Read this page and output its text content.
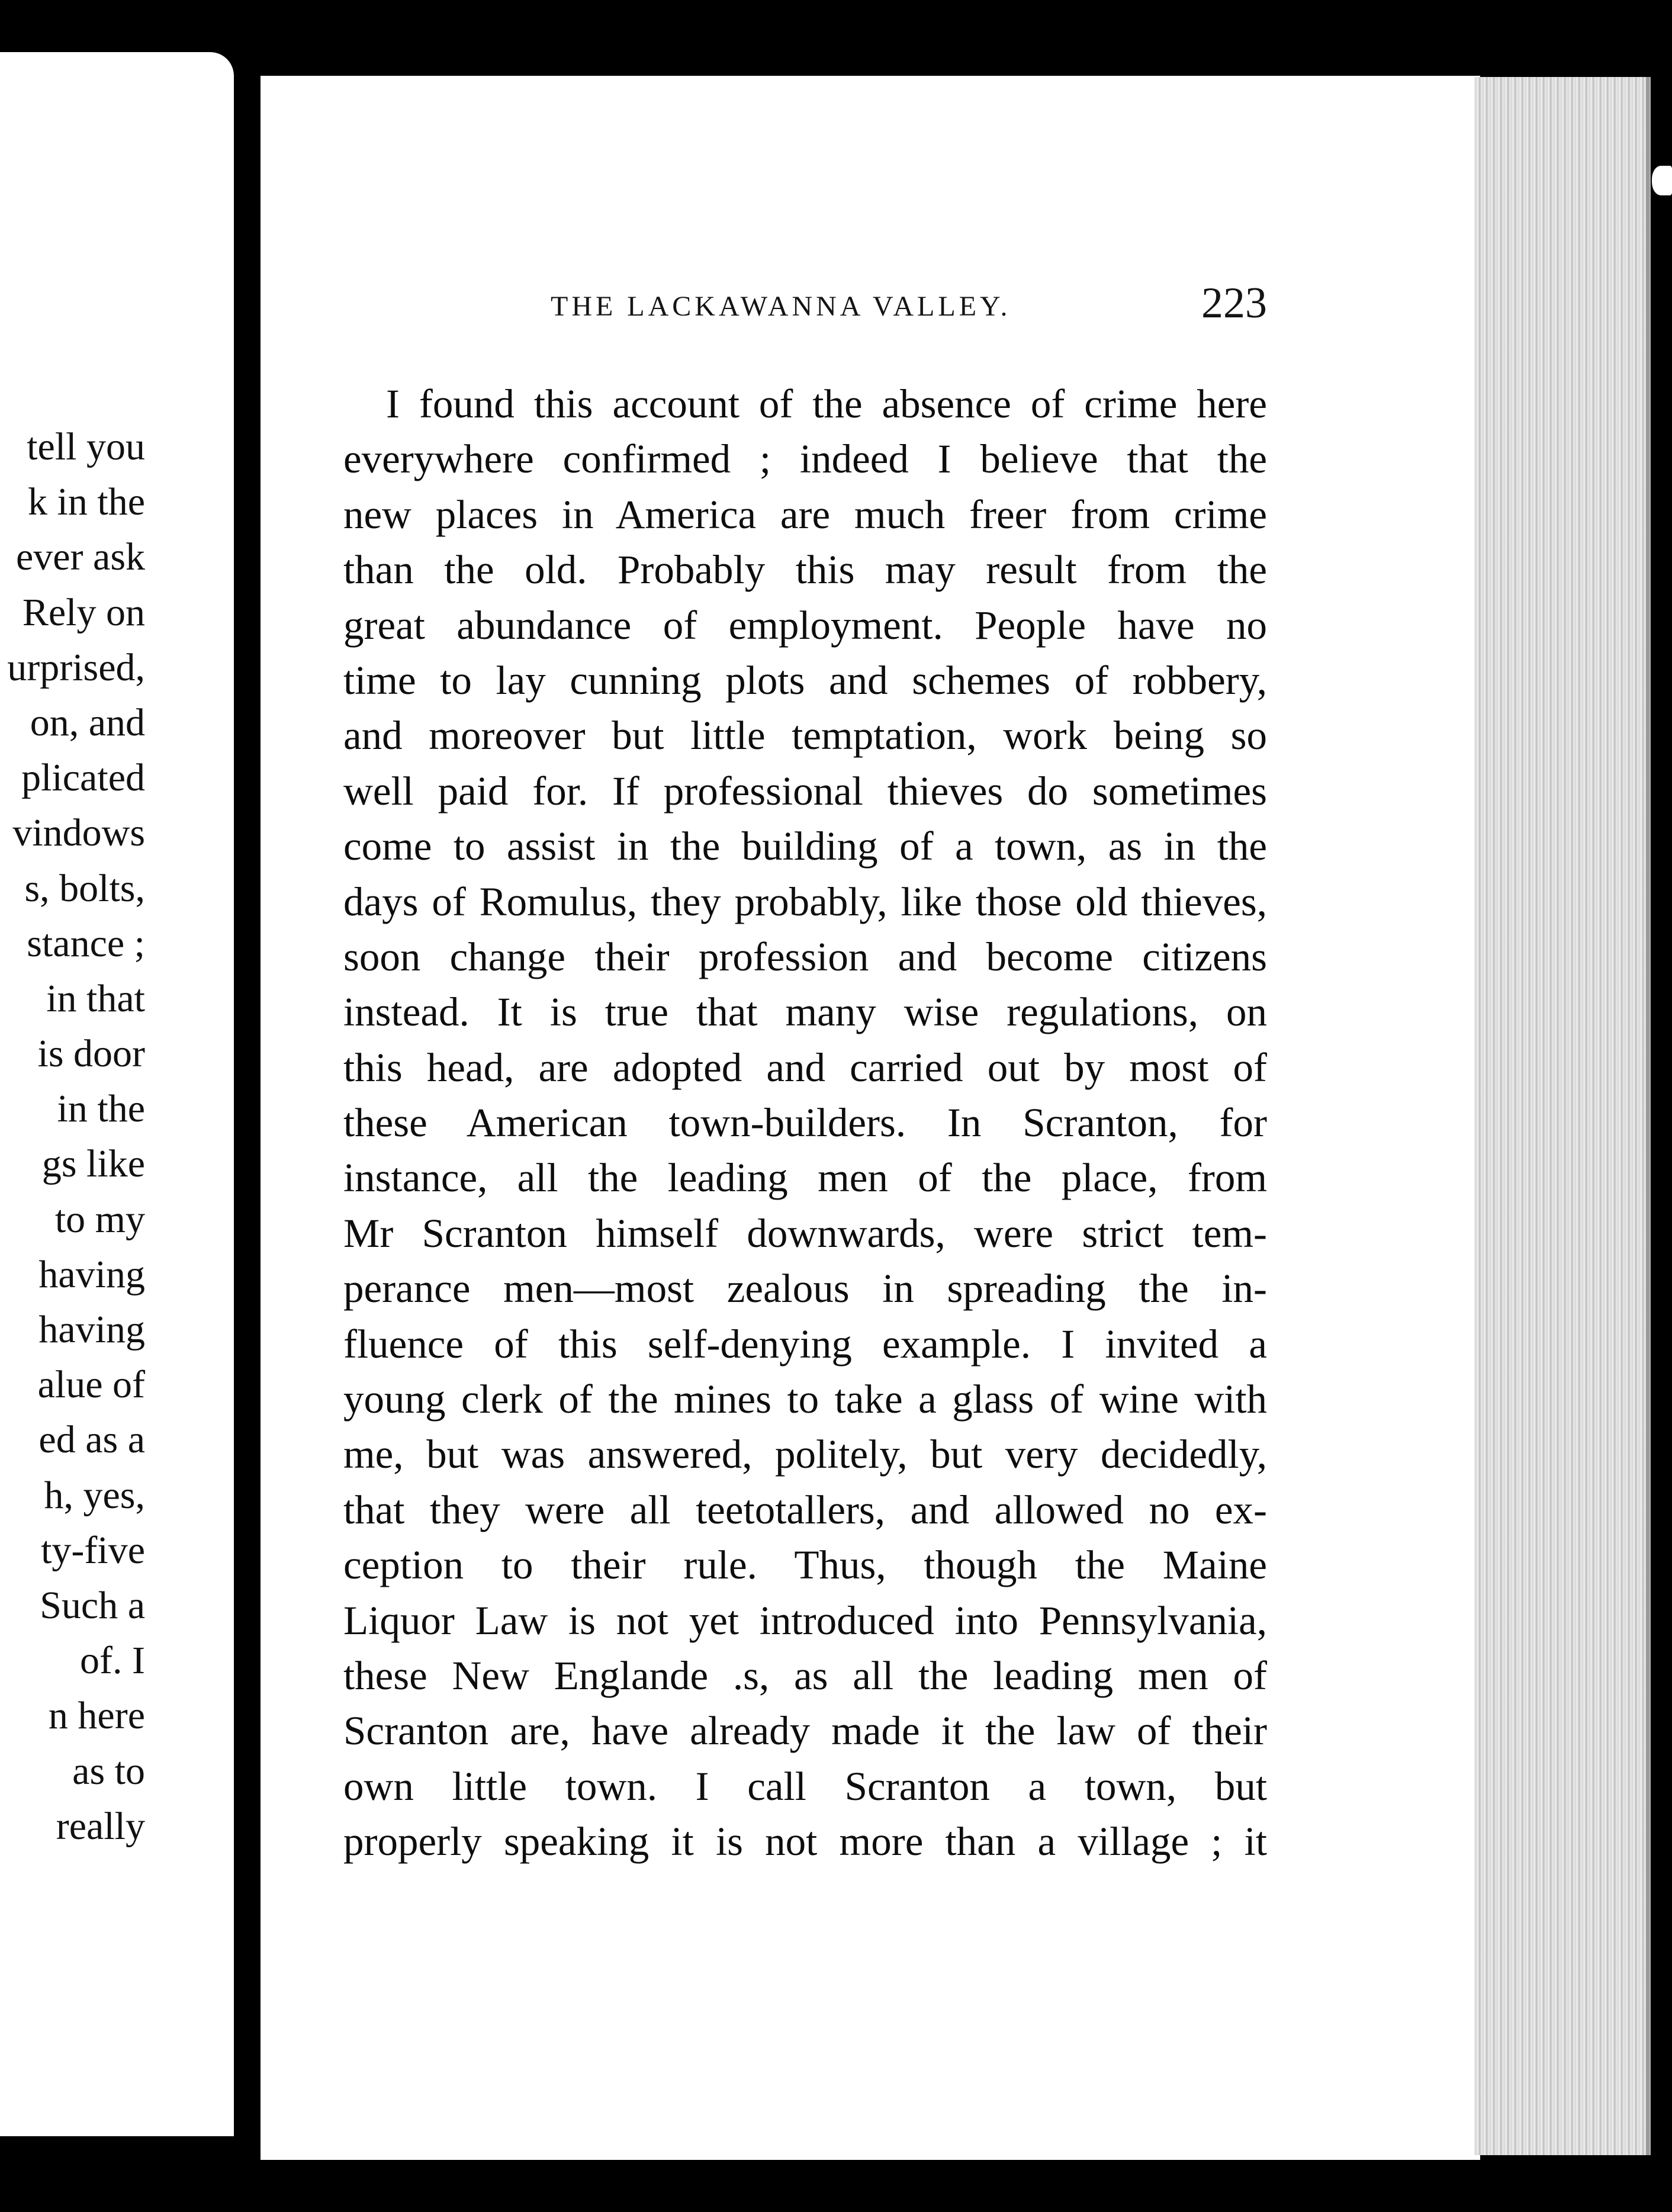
tell you
k in the
ever ask
Rely on
urprised,
on, and
plicated
vindows
s, bolts,
stance ;
in that
is door
in the
gs like
to my
having
having
alue of
ed as a
h, yes,
ty-five
Such a
of. I
n here
as to
really
THE LACKAWANNA VALLEY.	223
I found this account of the absence of crime here
everywhere confirmed ; indeed I believe that the
new places in America are much freer from crime
than the old. Probably this may result from the
great abundance of employment. People have no
time to lay cunning plots and schemes of robbery,
and moreover but little temptation, work being so
well paid for. If professional thieves do sometimes
come to assist in the building of a town, as in the
days of Romulus, they probably, like those old thieves,
soon change their profession and become citizens
instead. It is true that many wise regulations, on
this head, are adopted and carried out by most of
these American town-builders. In Scranton, for
instance, all the leading men of the place, from
Mr Scranton himself downwards, were strict tem-
perance men—most zealous in spreading the in-
fluence of this self-denying example. I invited a
young clerk of the mines to take a glass of wine with
me, but was answered, politely, but very decidedly,
that they were all teetotallers, and allowed no ex-
ception to their rule. Thus, though the Maine
Liquor Law is not yet introduced into Pennsylvania,
these New Englande .s, as all the leading men of
Scranton are, have already made it the law of their
own little town. I call Scranton a town, but
properly speaking it is not more than a village ; it
